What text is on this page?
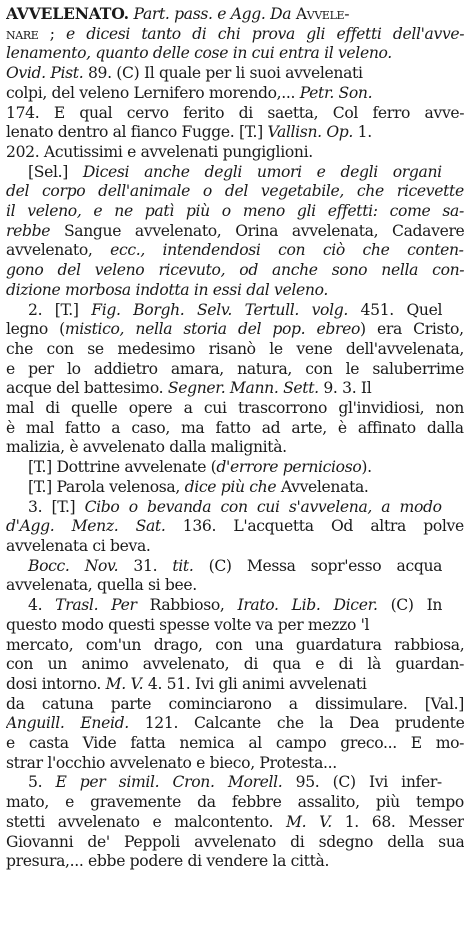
AVVELENATO. Part. pass. e Agg. Da Avvele-
nare ; e dicesi tanto di chi prova gli effetti dell'avve-
lenamento, quanto delle cose in cui entra il veleno.
Ovid. Pist. 89. (C) Il quale per li suoi avvelenati
colpi, del veleno Lernifero morendo,... Petr. Son.
174. E qual cervo ferito di saetta, Col ferro avve-
lenato dentro al fianco Fugge. [T.] Vallisn. Op. 1.
202. Acutissimi e avvelenati pungiglioni.
[Sel.] Dicesi anche degli umori e degli organi
del corpo dell'animale o del vegetabile, che ricevette
il veleno, e ne patì più o meno gli effetti: come sa-
rebbe Sangue avvelenato, Orina avvelenata, Cadavere
avvelenato, ecc., intendendosi con ciò che conten-
gono del veleno ricevuto, od anche sono nella con-
dizione morbosa indotta in essi dal veleno.
2. [T.] Fig. Borgh. Selv. Tertull. volg. 451. Quel
legno (mistico, nella storia del pop. ebreo) era Cristo,
che con se medesimo risanò le vene dell'avvelenata,
e per lo addietro amara, natura, con le saluberrime
acque del battesimo. Segner. Mann. Sett. 9. 3. Il
mal di quelle opere a cui trascorrono gl'invidiosi, non
è mal fatto a caso, ma fatto ad arte, è affinato dalla
malizia, è avvelenato dalla malignità.
[T.] Dottrine avvelenate (d'errore pernicioso).
[T.] Parola velenosa, dice più che Avvelenata.
3. [T.] Cibo o bevanda con cui s'avvelena, a modo
d'Agg. Menz. Sat. 136. L'acquetta Od altra polve
avvelenata ci beva.
Bocc. Nov. 31. tit. (C) Messa sopr'esso acqua
avvelenata, quella si bee.
4. Trasl. Per Rabbioso, Irato. Lib. Dicer. (C) In
questo modo questi spesse volte va per mezzo 'l
mercato, com'un drago, con una guardatura rabbiosa,
con un animo avvelenato, di qua e di là guardan-
dosi intorno. M. V. 4. 51. Ivi gli animi avvelenati
da catuna parte cominciarono a dissimulare. [Val.]
Anguill. Eneid. 121. Calcante che la Dea prudente
e casta Vide fatta nemica al campo greco... E mo-
strar l'occhio avvelenato e bieco, Protesta...
5. E per simil. Cron. Morell. 95. (C) Ivi infer-
mato, e gravemente da febbre assalito, più tempo
stetti avvelenato e malcontento. M. V. 1. 68. Messer
Giovanni de' Peppoli avvelenato di sdegno della sua
presura,... ebbe podere di vendere la città.
